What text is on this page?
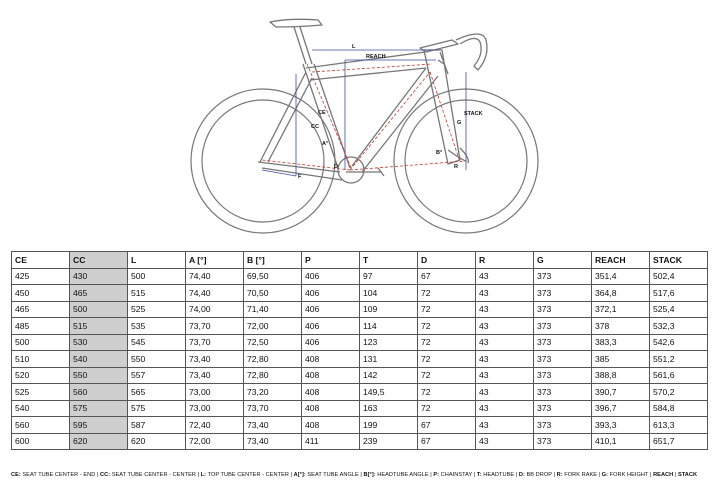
L
REACH
STACK
G
CC
CE
A°
B°
D
F
R
CE	CC	L	A [°]	B [°]	P	T	D	R	G	REACH	STACK
425	430	500	74,40	69,50	406	97	67	43	373	351,4	502,4
450	465	515	74,40	70,50	406	104	72	43	373	364,8	517,6
465	500	525	74,00	71,40	406	109	72	43	373	372,1	525,4
485	515	535	73,70	72,00	406	114	72	43	373	378	532,3
500	530	545	73,70	72,50	406	123	72	43	373	383,3	542,6
510	540	550	73,40	72,80	408	131	72	43	373	385	551,2
520	550	557	73,40	72,80	408	142	72	43	373	388,8	561,6
525	560	565	73,00	73,20	408	149,5	72	43	373	390,7	570,2
540	575	575	73,00	73,70	408	163	72	43	373	396,7	584,8
560	595	587	72,40	73,40	408	199	67	43	373	393,3	613,3
600	620	620	72,00	73,40	411	239	67	43	373	410,1	651,7
CE: SEAT TUBE CENTER - END | CC: SEAT TUBE CENTER - CENTER | L: TOP TUBE CENTER - CENTER | A[°]: SEAT TUBE ANGLE | B[°]: HEADTUBE ANGLE | P: CHAINSTAY | T: HEADTUBE | D: BB DROP | R: FORK RAKE | G: FORK HEIGHT | REACH | STACK
